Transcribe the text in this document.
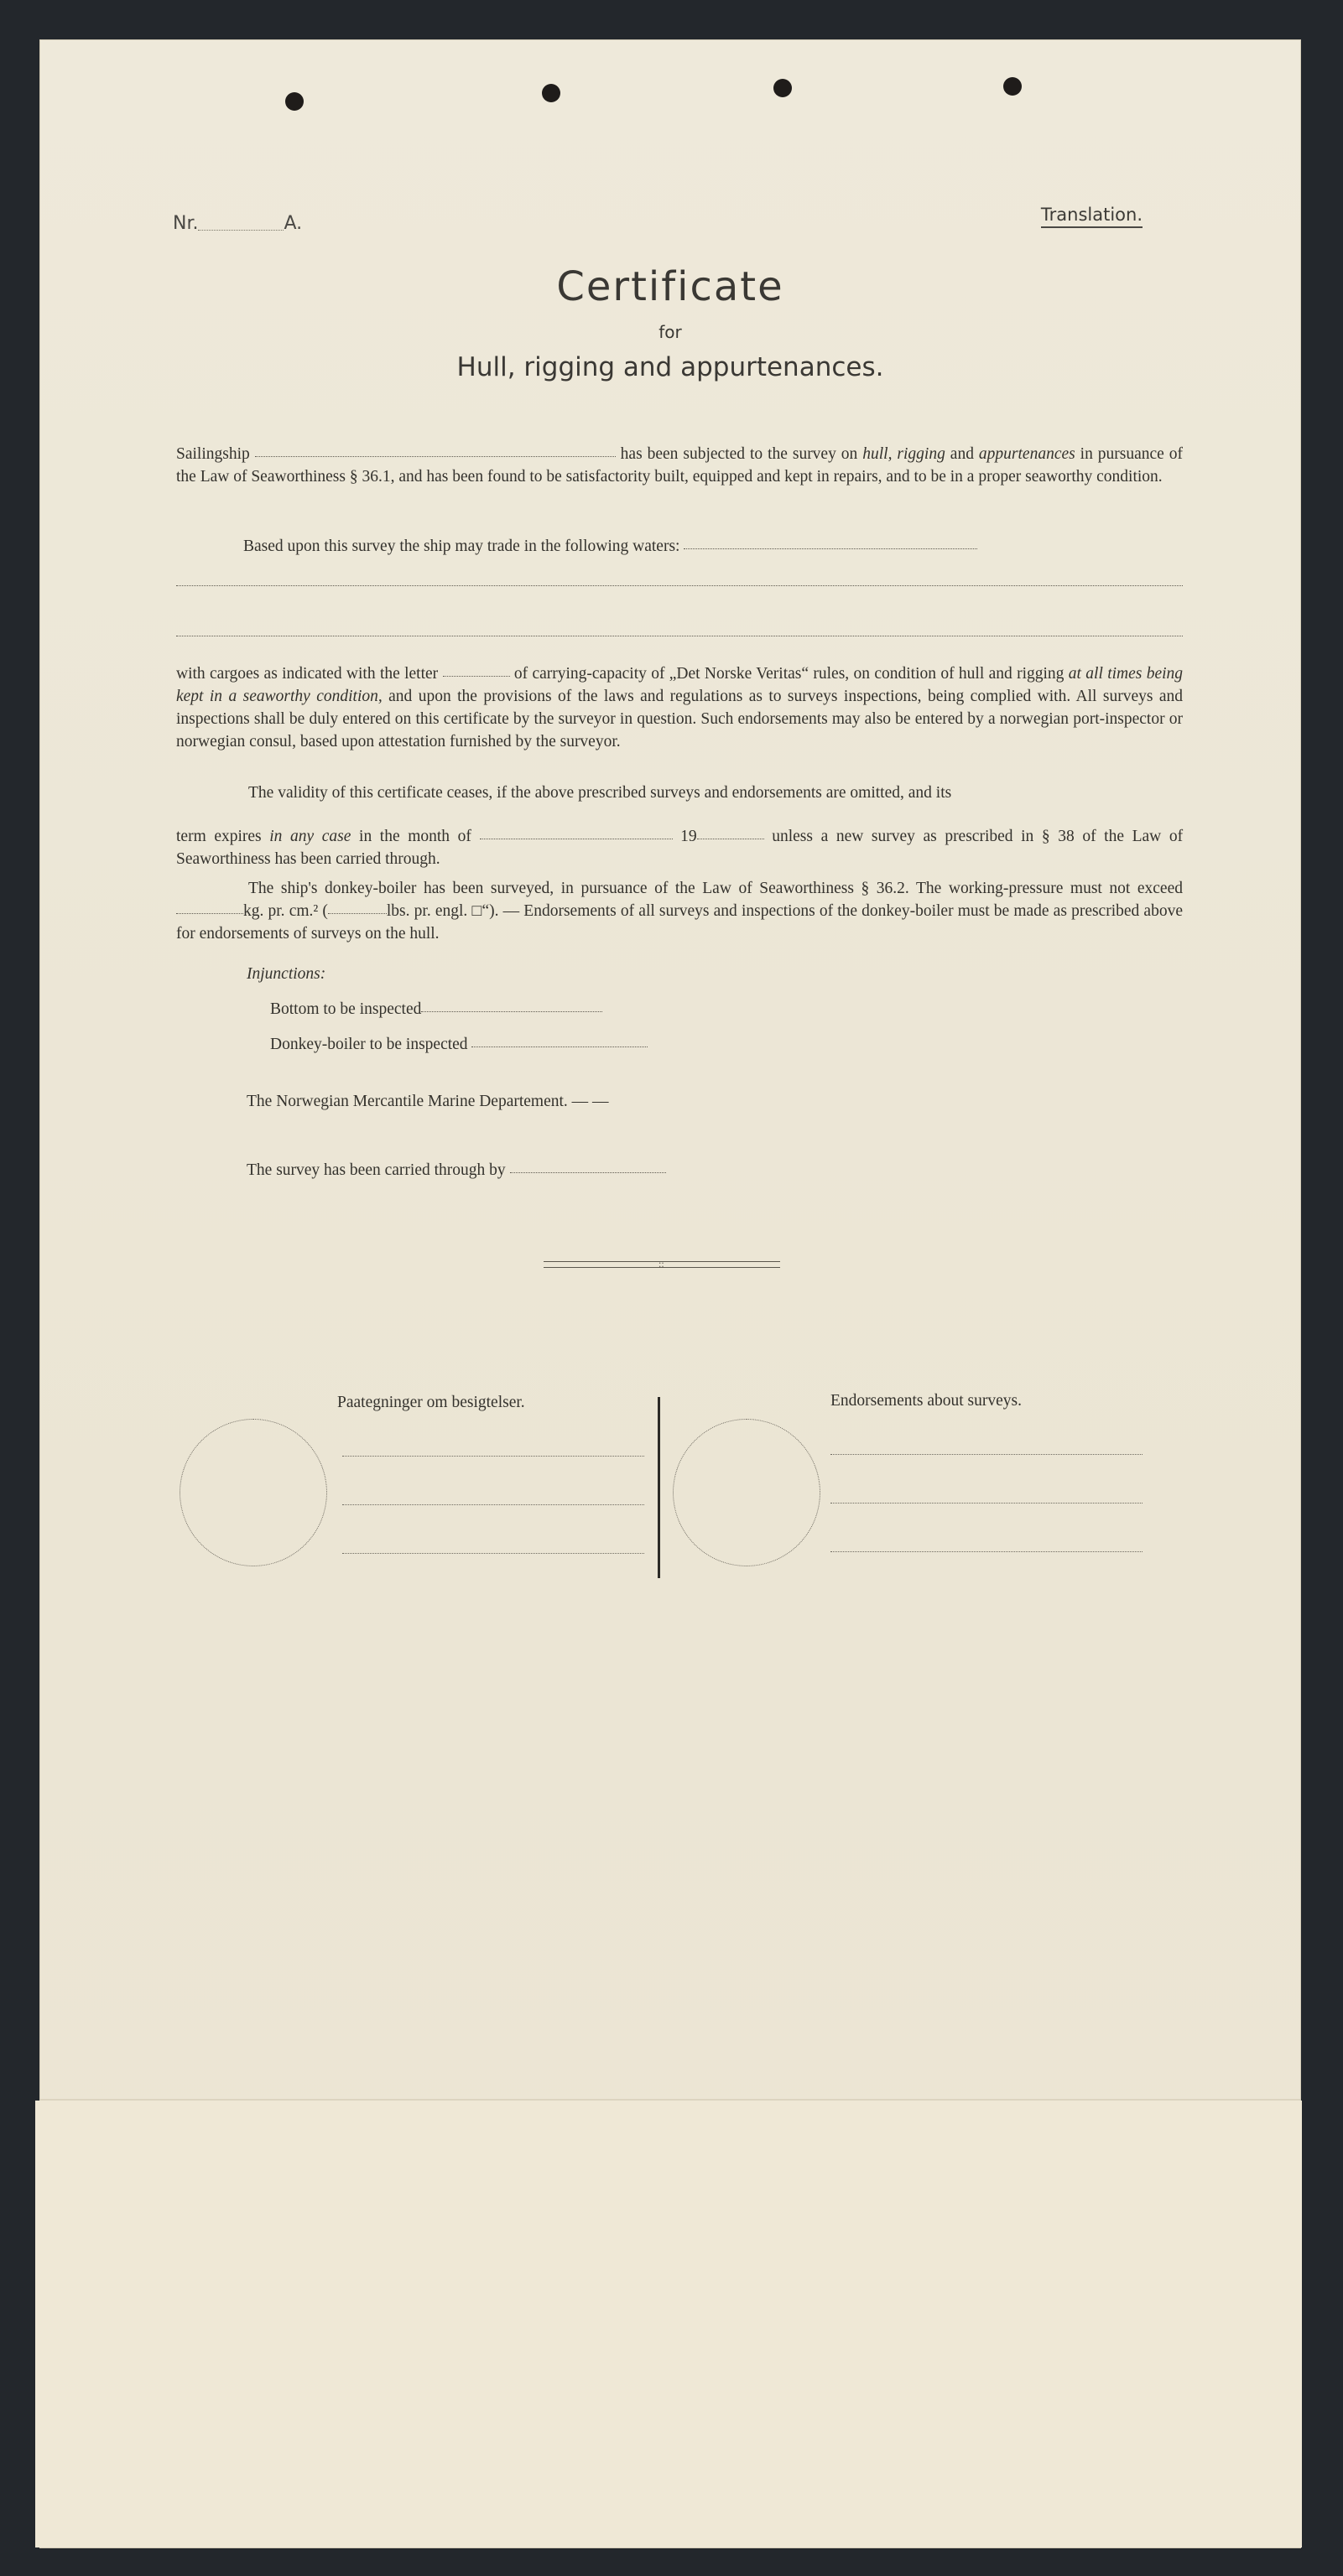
Nr.	A.	Translation.
Certificate
for
Hull, rigging and appurtenances.
Sailingship	has been subjected to the survey on hull, rigging and appurtenances in pursuance of the Law of Seaworthiness § 36.1, and has been found to be satisfactority built, equipped and kept in repairs, and to be in a proper seaworthy condition.
Based upon this survey the ship may trade in the following waters:
with cargoes as indicated with the letter	of carrying-capacity of „Det Norske Veritas“ rules, on condition of hull and rigging at all times being kept in a seaworthy condition, and upon the provisions of the laws and regulations as to surveys inspections, being complied with. All surveys and inspections shall be duly entered on this certificate by the surveyor in question. Such endorsements may also be entered by a norwegian port-inspector or norwegian consul, based upon attestation furnished by the surveyor.
The validity of this certificate ceases, if the above prescribed surveys and endorsements are omitted, and its
term expires in any case in the month of	19	unless a new survey as prescribed in § 38 of the Law of Seaworthiness has been carried through.
The ship's donkey-boiler has been surveyed, in pursuance of the Law of Seaworthiness § 36.2. The working-pressure must not exceedkg. pr. cm.² (	lbs. pr. engl. □“). — Endorsements of all surveys and inspections of the donkey-boiler must be made as prescribed above for endorsements of surveys on the hull.
Injunctions:
Bottom to be inspected
Donkey-boiler to be inspected
The Norwegian Mercantile Marine Departement. — —
The survey has been carried through by
::
Paategninger om besigtelser.	Endorsements about surveys.
